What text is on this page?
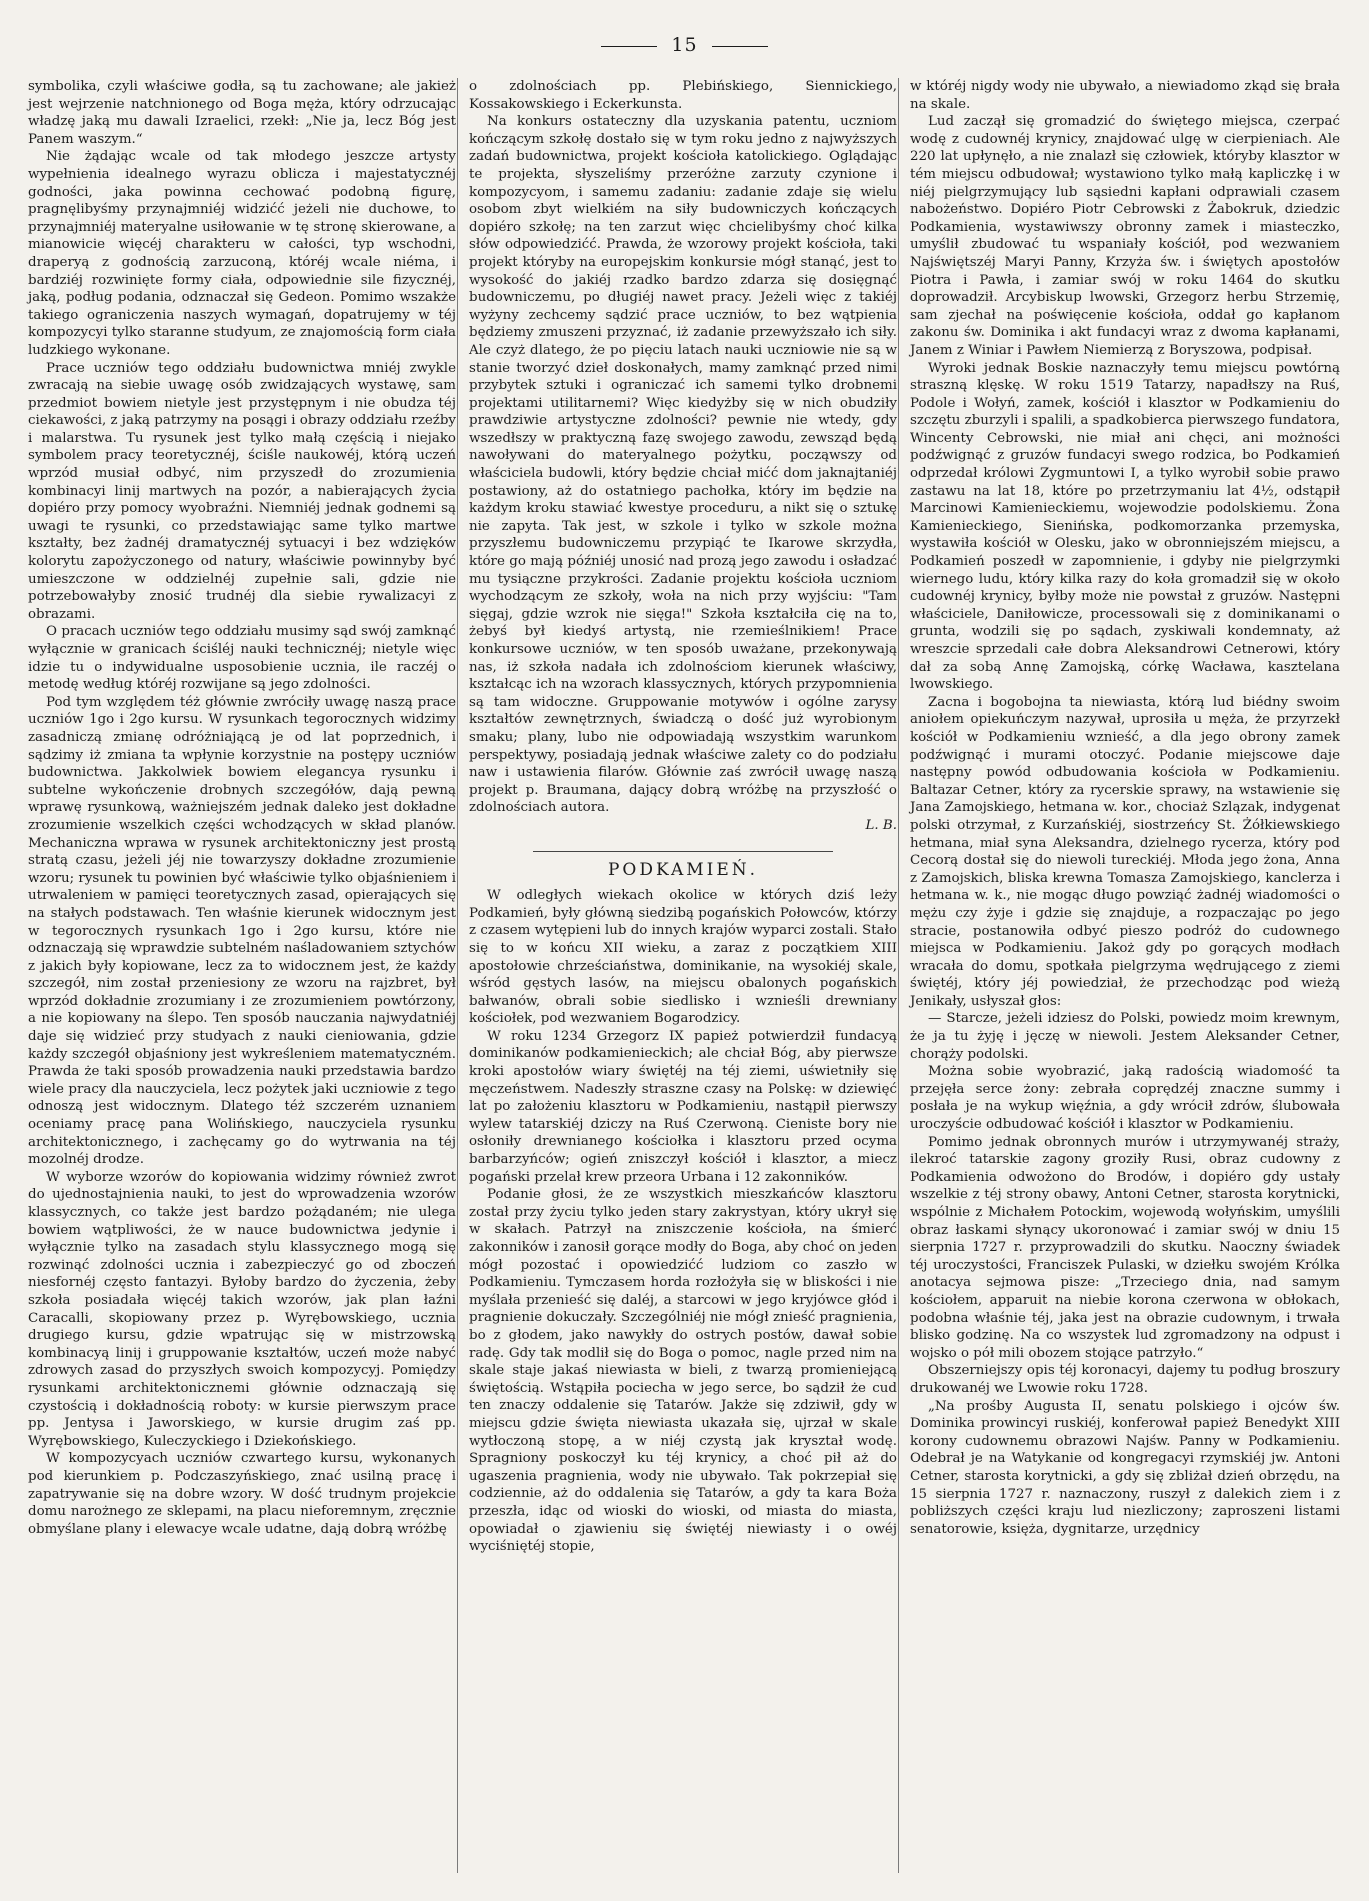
15

symbolika, czyli właściwe godła, są tu zachowane; ale jakież jest wejrzenie natchnionego od Boga męża, który odrzucając władzę jaką mu dawali Izraelici, rzekł: „Nie ja, lecz Bóg jest Panem waszym.“

Nie żądając wcale od tak młodego jeszcze artysty wypełnienia idealnego wyrazu oblicza i majestatycznéj godności, jaka powinna cechować podobną figurę, pragnęlibyśmy przynajmniéj widzićć jeżeli nie duchowe, to przynajmniéj materyalne usiłowanie w tę stronę skierowane, a mianowicie więcéj charakteru w całości, typ wschodni, draperyą z godnością zarzuconą, któréj wcale niéma, i bardziéj rozwinięte formy ciała, odpowiednie sile fizycznéj, jaką, podług podania, odznaczał się Gedeon. Pomimo wszakże takiego ograniczenia naszych wymagań, dopatrujemy w téj kompozycyi tylko staranne studyum, ze znajomością form ciała ludzkiego wykonane.

Prace uczniów tego oddziału budownictwa mniéj zwykle zwracają na siebie uwagę osób zwidzających wystawę, sam przedmiot bowiem nietyle jest przystępnym i nie obudza téj ciekawości, z jaką patrzymy na posągi i obrazy oddziału rzeźby i malarstwa. Tu rysunek jest tylko małą częścią i niejako symbolem pracy teoretycznéj, ściśle naukowéj, którą uczeń wprzód musiał odbyć, nim przyszedł do zrozumienia kombinacyi linij martwych na pozór, a nabierających życia dopiéro przy pomocy wyobraźni. Niemniéj jednak godnemi są uwagi te rysunki, co przedstawiając same tylko martwe kształty, bez żadnéj dramatycznéj sytuacyi i bez wdzięków kolorytu zapożyczonego od natury, właściwie powinnyby być umieszczone w oddzielnéj zupełnie sali, gdzie nie potrzebowałyby znosić trudnéj dla siebie rywalizacyi z obrazami.

O pracach uczniów tego oddziału musimy sąd swój zamknąć wyłącznie w granicach ściśléj nauki technicznéj; nietyle więc idzie tu o indywidualne usposobienie ucznia, ile raczéj o metodę według któréj rozwijane są jego zdolności.

Pod tym względem téż głównie zwróciły uwagę naszą prace uczniów 1go i 2go kursu. W rysunkach tegorocznych widzimy zasadniczą zmianę odróżniającą je od lat poprzednich, i sądzimy iż zmiana ta wpłynie korzystnie na postępy uczniów budownictwa. Jakkolwiek bowiem elegancya rysunku i subtelne wykończenie drobnych szczegółów, dają pewną wprawę rysunkową, ważniejszém jednak daleko jest dokładne zrozumienie wszelkich części wchodzących w skład planów. Mechaniczna wprawa w rysunek architektoniczny jest prostą stratą czasu, jeżeli jéj nie towarzyszy dokładne zrozumienie wzoru; rysunek tu powinien być właściwie tylko objaśnieniem i utrwaleniem w pamięci teoretycznych zasad, opierających się na stałych podstawach. Ten właśnie kierunek widocznym jest w tegorocznych rysunkach 1go i 2go kursu, które nie odznaczają się wprawdzie subtelném naśladowaniem sztychów z jakich były kopiowane, lecz za to widocznem jest, że każdy szczegół, nim został przeniesiony ze wzoru na rajzbret, był wprzód dokładnie zrozumiany i ze zrozumieniem powtórzony, a nie kopiowany na ślepo. Ten sposób nauczania najwydatniéj daje się widzieć przy studyach z nauki cieniowania, gdzie każdy szczegół objaśniony jest wykreśleniem matematyczném. Prawda że taki sposób prowadzenia nauki przedstawia bardzo wiele pracy dla nauczyciela, lecz pożytek jaki uczniowie z tego odnoszą jest widocznym. Dlatego téż szczerém uznaniem oceniamy pracę pana Wolińskiego, nauczyciela rysunku architektonicznego, i zachęcamy go do wytrwania na téj mozolnéj drodze.

W wyborze wzorów do kopiowania widzimy również zwrot do ujednostajnienia nauki, to jest do wprowadzenia wzorów klassycznych, co także jest bardzo pożądaném; nie ulega bowiem wątpliwości, że w nauce budownictwa jedynie i wyłącznie tylko na zasadach stylu klassycznego mogą się rozwinąć zdolności ucznia i zabezpieczyć go od zboczeń niesfornéj często fantazyi. Byłoby bardzo do życzenia, żeby szkoła posiadała więcéj takich wzorów, jak plan łaźni Caracalli, skopiowany przez p. Wyrębowskiego, ucznia drugiego kursu, gdzie wpatrując się w mistrzowską kombinacyą linij i gruppowanie kształtów, uczeń może nabyć zdrowych zasad do przyszłych swoich kompozycyj. Pomiędzy rysunkami architektonicznemi głównie odznaczają się czystością i dokładnością roboty: w kursie pierwszym prace pp. Jentysa i Jaworskiego, w kursie drugim zaś pp. Wyrębowskiego, Kuleczyckiego i Dziekońskiego.

W kompozycyach uczniów czwartego kursu, wykonanych pod kierunkiem p. Podczaszyńskiego, znać usilną pracę i zapatrywanie się na dobre wzory. W dość trudnym projekcie domu narożnego ze sklepami, na placu nieforemnym, zręcznie obmyślane plany i elewacye wcale udatne, dają dobrą wróżbę

o zdolnościach pp. Plebińskiego, Siennickiego, Kossakowskiego i Eckerkunsta.

Na konkurs ostateczny dla uzyskania patentu, uczniom kończącym szkołę dostało się w tym roku jedno z najwyższych zadań budownictwa, projekt kościoła katolickiego. Oglądając te projekta, słyszeliśmy przeróżne zarzuty czynione i kompozycyom, i samemu zadaniu: zadanie zdaje się wielu osobom zbyt wielkiém na siły budowniczych kończących dopiéro szkołę; na ten zarzut więc chcielibyśmy choć kilka słów odpowiedzićć. Prawda, że wzorowy projekt kościoła, taki projekt któryby na europejskim konkursie mógł stanąć, jest to wysokość do jakiéj rzadko bardzo zdarza się dosięgnąć budowniczemu, po długiéj nawet pracy. Jeżeli więc z takiéj wyżyny zechcemy sądzić prace uczniów, to bez wątpienia będziemy zmuszeni przyznać, iż zadanie przewyższało ich siły. Ale czyż dlatego, że po pięciu latach nauki uczniowie nie są w stanie tworzyć dzieł doskonałych, mamy zamknąć przed nimi przybytek sztuki i ograniczać ich samemi tylko drobnemi projektami utilitarnemi? Więc kiedyżby się w nich obudziły prawdziwie artystyczne zdolności? pewnie nie wtedy, gdy wszedłszy w praktyczną fazę swojego zawodu, zewsząd będą nawoływani do materyalnego pożytku, począwszy od właściciela budowli, który będzie chciał mićć dom jaknajtaniéj postawiony, aż do ostatniego pachołka, który im będzie na każdym kroku stawiać kwestye proceduru, a nikt się o sztukę nie zapyta. Tak jest, w szkole i tylko w szkole można przyszłemu budowniczemu przypiąć te Ikarowe skrzydła, które go mają późniéj unosić nad prozą jego zawodu i osładzać mu tysiączne przykrości. Zadanie projektu kościoła uczniom wychodzącym ze szkoły, woła na nich przy wyjściu: "Tam sięgaj, gdzie wzrok nie sięga!" Szkoła kształciła cię na to, żebyś był kiedyś artystą, nie rzemieślnikiem! Prace konkursowe uczniów, w ten sposób uważane, przekonywają nas, iż szkoła nadała ich zdolnościom kierunek właściwy, kształcąc ich na wzorach klassycznych, których przypomnienia są tam widoczne. Gruppowanie motywów i ogólne zarysy kształtów zewnętrznych, świadczą o dość już wyrobionym smaku; plany, lubo nie odpowiadają wszystkim warunkom perspektywy, posiadają jednak właściwe zalety co do podziału naw i ustawienia filarów. Głównie zaś zwrócił uwagę naszą projekt p. Braumana, dający dobrą wróżbę na przyszłość o zdolnościach autora.

L. B.

PODKAMIEŃ.

W odległych wiekach okolice w których dziś leży Podkamień, były główną siedzibą pogańskich Połowców, którzy z czasem wytępieni lub do innych krajów wyparci zostali. Stało się to w końcu XII wieku, a zaraz z początkiem XIII apostołowie chrześciaństwa, dominikanie, na wysokiéj skale, wśród gęstych lasów, na miejscu obalonych pogańskich bałwanów, obrali sobie siedlisko i wznieśli drewniany kościołek, pod wezwaniem Bogarodzicy.

W roku 1234 Grzegorz IX papież potwierdził fundacyą dominikanów podkamienieckich; ale chciał Bóg, aby pierwsze kroki apostołów wiary świętéj na téj ziemi, uświetniły się męczeństwem. Nadeszły straszne czasy na Polskę: w dziewięć lat po założeniu klasztoru w Podkamieniu, nastąpił pierwszy wylew tatarskiéj dziczy na Ruś Czerwoną. Cieniste bory nie osłoniły drewnianego kościołka i klasztoru przed ocyma barbarzyńców; ogień zniszczył kościół i klasztor, a miecz pogański przelał krew przeora Urbana i 12 zakonników.

Podanie głosi, że ze wszystkich mieszkańców klasztoru został przy życiu tylko jeden stary zakrystyan, który ukrył się w skałach. Patrzył na zniszczenie kościoła, na śmierć zakonników i zanosił gorące modły do Boga, aby choć on jeden mógł pozostać i opowiedzićć ludziom co zaszło w Podkamieniu. Tymczasem horda rozłożyła się w bliskości i nie myślała przenieść się daléj, a starcowi w jego kryjówce głód i pragnienie dokuczały. Szczególniéj nie mógł znieść pragnienia, bo z głodem, jako nawykły do ostrych postów, dawał sobie radę. Gdy tak modlił się do Boga o pomoc, nagle przed nim na skale staje jakaś niewiasta w bieli, z twarzą promieniejącą świętością. Wstąpiła pociecha w jego serce, bo sądził że cud ten znaczy oddalenie się Tatarów. Jakże się zdziwił, gdy w miejscu gdzie święta niewiasta ukazała się, ujrzał w skale wytłoczoną stopę, a w niéj czystą jak kryształ wodę. Spragniony poskoczył ku téj krynicy, a choć pił aż do ugaszenia pragnienia, wody nie ubywało. Tak pokrzepiał się codziennie, aż do oddalenia się Tatarów, a gdy ta kara Boża przeszła, idąc od wioski do wioski, od miasta do miasta, opowiadał o zjawieniu się świętéj niewiasty i o owéj wyciśniętéj stopie,

w któréj nigdy wody nie ubywało, a niewiadomo zkąd się brała na skale.

Lud zaczął się gromadzić do świętego miejsca, czerpać wodę z cudownéj krynicy, znajdować ulgę w cierpieniach. Ale 220 lat upłynęło, a nie znalazł się człowiek, któryby klasztor w tém miejscu odbudował; wystawiono tylko małą kapliczkę i w niéj pielgrzymujący lub sąsiedni kapłani odprawiali czasem nabożeństwo. Dopiéro Piotr Cebrowski z Żabokruk, dziedzic Podkamienia, wystawiwszy obronny zamek i miasteczko, umyślił zbudować tu wspaniały kościół, pod wezwaniem Najświętszéj Maryi Panny, Krzyża św. i świętych apostołów Piotra i Pawła, i zamiar swój w roku 1464 do skutku doprowadził. Arcybiskup lwowski, Grzegorz herbu Strzemię, sam zjechał na poświęcenie kościoła, oddał go kapłanom zakonu św. Dominika i akt fundacyi wraz z dwoma kapłanami, Janem z Winiar i Pawłem Niemierzą z Boryszowa, podpisał.

Wyroki jednak Boskie naznaczyły temu miejscu powtórną straszną klęskę. W roku 1519 Tatarzy, napadłszy na Ruś, Podole i Wołyń, zamek, kościół i klasztor w Podkamieniu do szczętu zburzyli i spalili, a spadkobierca pierwszego fundatora, Wincenty Cebrowski, nie miał ani chęci, ani możności podźwignąć z gruzów fundacyi swego rodzica, bo Podkamień odprzedał królowi Zygmuntowi I, a tylko wyrobił sobie prawo zastawu na lat 18, które po przetrzymaniu lat 4½, odstąpił Marcinowi Kamienieckiemu, wojewodzie podolskiemu. Żona Kamienieckiego, Sienińska, podkomorzanka przemyska, wystawiła kościół w Olesku, jako w obronniejszém miejscu, a Podkamień poszedł w zapomnienie, i gdyby nie pielgrzymki wiernego ludu, który kilka razy do koła gromadził się w około cudownéj krynicy, byłby może nie powstał z gruzów. Następni właściciele, Daniłowicze, processowali się z dominikanami o grunta, wodzili się po sądach, zyskiwali kondemnaty, aż wreszcie sprzedali całe dobra Aleksandrowi Cetnerowi, który dał za sobą Annę Zamojską, córkę Wacława, kasztelana lwowskiego.

Zacna i bogobojna ta niewiasta, którą lud biédny swoim aniołem opiekuńczym nazywał, uprosiła u męża, że przyrzekł kościół w Podkamieniu wznieść, a dla jego obrony zamek podźwignąć i murami otoczyć. Podanie miejscowe daje następny powód odbudowania kościoła w Podkamieniu. Baltazar Cetner, który za rycerskie sprawy, na wstawienie się Jana Zamojskiego, hetmana w. kor., chociaż Szlązak, indygenat polski otrzymał, z Kurzańskiéj, siostrzeńcy St. Żółkiewskiego hetmana, miał syna Aleksandra, dzielnego rycerza, który pod Cecorą dostał się do niewoli tureckiéj. Młoda jego żona, Anna z Zamojskich, bliska krewna Tomasza Zamojskiego, kanclerza i hetmana w. k., nie mogąc długo powziąć żadnéj wiadomości o mężu czy żyje i gdzie się znajduje, a rozpaczając po jego stracie, postanowiła odbyć pieszo podróż do cudownego miejsca w Podkamieniu. Jakoż gdy po gorących modłach wracała do domu, spotkała pielgrzyma wędrującego z ziemi świętéj, który jéj powiedział, że przechodząc pod wieżą Jenikały, usłyszał głos:

— Starcze, jeżeli idziesz do Polski, powiedz moim krewnym, że ja tu żyję i jęczę w niewoli. Jestem Aleksander Cetner, chorąży podolski.

Można sobie wyobrazić, jaką radością wiadomość ta przejęła serce żony: zebrała coprędzéj znaczne summy i posłała je na wykup więźnia, a gdy wrócił zdrów, ślubowała uroczyście odbudować kościół i klasztor w Podkamieniu.

Pomimo jednak obronnych murów i utrzymywanéj straży, ilekroć tatarskie zagony groziły Rusi, obraz cudowny z Podkamienia odwożono do Brodów, i dopiéro gdy ustały wszelkie z téj strony obawy, Antoni Cetner, starosta korytnicki, wspólnie z Michałem Potockim, wojewodą wołyńskim, umyślili obraz łaskami słynący ukoronować i zamiar swój w dniu 15 sierpnia 1727 r. przyprowadzili do skutku. Naoczny świadek téj uroczystości, Franciszek Pulaski, w dziełku swojém Królka anotacya sejmowa pisze: „Trzeciego dnia, nad samym kościołem, apparuit na niebie korona czerwona w obłokach, podobna właśnie téj, jaka jest na obrazie cudownym, i trwała blisko godzinę. Na co wszystek lud zgromadzony na odpust i wojsko o pół mili obozem stojące patrzyło.“

Obszerniejszy opis téj koronacyi, dajemy tu podług broszury drukowanéj we Lwowie roku 1728.

„Na prośby Augusta II, senatu polskiego i ojców św. Dominika prowincyi ruskiéj, konferował papież Benedykt XIII korony cudownemu obrazowi Najśw. Panny w Podkamieniu. Odebrał je na Watykanie od kongregacyi rzymskiéj jw. Antoni Cetner, starosta korytnicki, a gdy się zbliżał dzień obrzędu, na 15 sierpnia 1727 r. naznaczony, ruszył z dalekich ziem i z pobliższych części kraju lud niezliczony; zaproszeni listami senatorowie, księża, dygnitarze, urzędnicy
